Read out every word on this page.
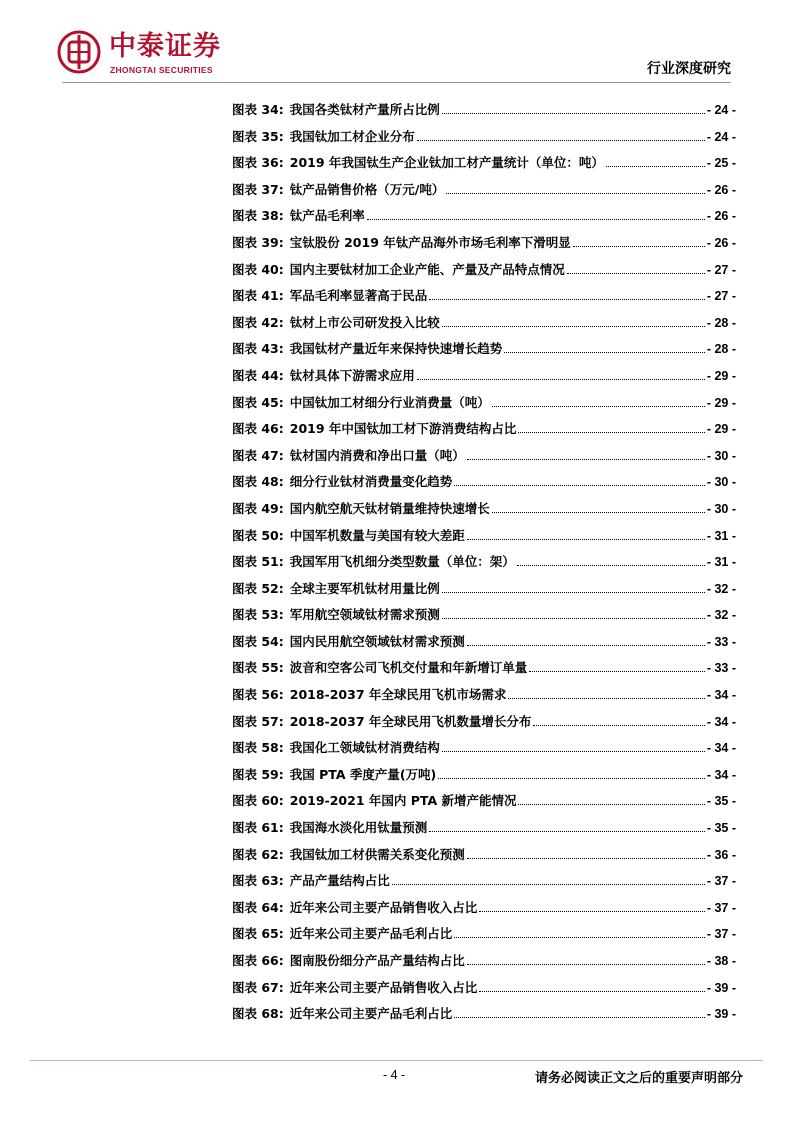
中泰证券
ZHONGTAI SECURITIES	行业深度研究
图表 34: 我国各类钛材产量所占比例	- 24 -
图表 35: 我国钛加工材企业分布	- 24 -
图表 36: 2019 年我国钛生产企业钛加工材产量统计（单位：吨）	- 25 -
图表 37: 钛产品销售价格（万元/吨）	- 26 -
图表 38: 钛产品毛利率	- 26 -
图表 39: 宝钛股份 2019 年钛产品海外市场毛利率下滑明显	- 26 -
图表 40: 国内主要钛材加工企业产能、产量及产品特点情况	- 27 -
图表 41: 军品毛利率显著高于民品	- 27 -
图表 42: 钛材上市公司研发投入比较	- 28 -
图表 43: 我国钛材产量近年来保持快速增长趋势	- 28 -
图表 44: 钛材具体下游需求应用	- 29 -
图表 45: 中国钛加工材细分行业消费量（吨）	- 29 -
图表 46: 2019 年中国钛加工材下游消费结构占比	- 29 -
图表 47: 钛材国内消费和净出口量（吨）	- 30 -
图表 48: 细分行业钛材消费量变化趋势	- 30 -
图表 49: 国内航空航天钛材销量维持快速增长	- 30 -
图表 50: 中国军机数量与美国有较大差距	- 31 -
图表 51: 我国军用飞机细分类型数量（单位：架）	- 31 -
图表 52: 全球主要军机钛材用量比例	- 32 -
图表 53: 军用航空领域钛材需求预测	- 32 -
图表 54: 国内民用航空领域钛材需求预测	- 33 -
图表 55: 波音和空客公司飞机交付量和年新增订单量	- 33 -
图表 56: 2018-2037 年全球民用飞机市场需求	- 34 -
图表 57: 2018-2037 年全球民用飞机数量增长分布	- 34 -
图表 58: 我国化工领域钛材消费结构	- 34 -
图表 59: 我国 PTA 季度产量(万吨)	- 34 -
图表 60: 2019-2021 年国内 PTA 新增产能情况	- 35 -
图表 61: 我国海水淡化用钛量预测	- 35 -
图表 62: 我国钛加工材供需关系变化预测	- 36 -
图表 63: 产品产量结构占比	- 37 -
图表 64: 近年来公司主要产品销售收入占比	- 37 -
图表 65: 近年来公司主要产品毛利占比	- 37 -
图表 66: 图南股份细分产品产量结构占比	- 38 -
图表 67: 近年来公司主要产品销售收入占比	- 39 -
图表 68: 近年来公司主要产品毛利占比	- 39 -
- 4 -	请务必阅读正文之后的重要声明部分
